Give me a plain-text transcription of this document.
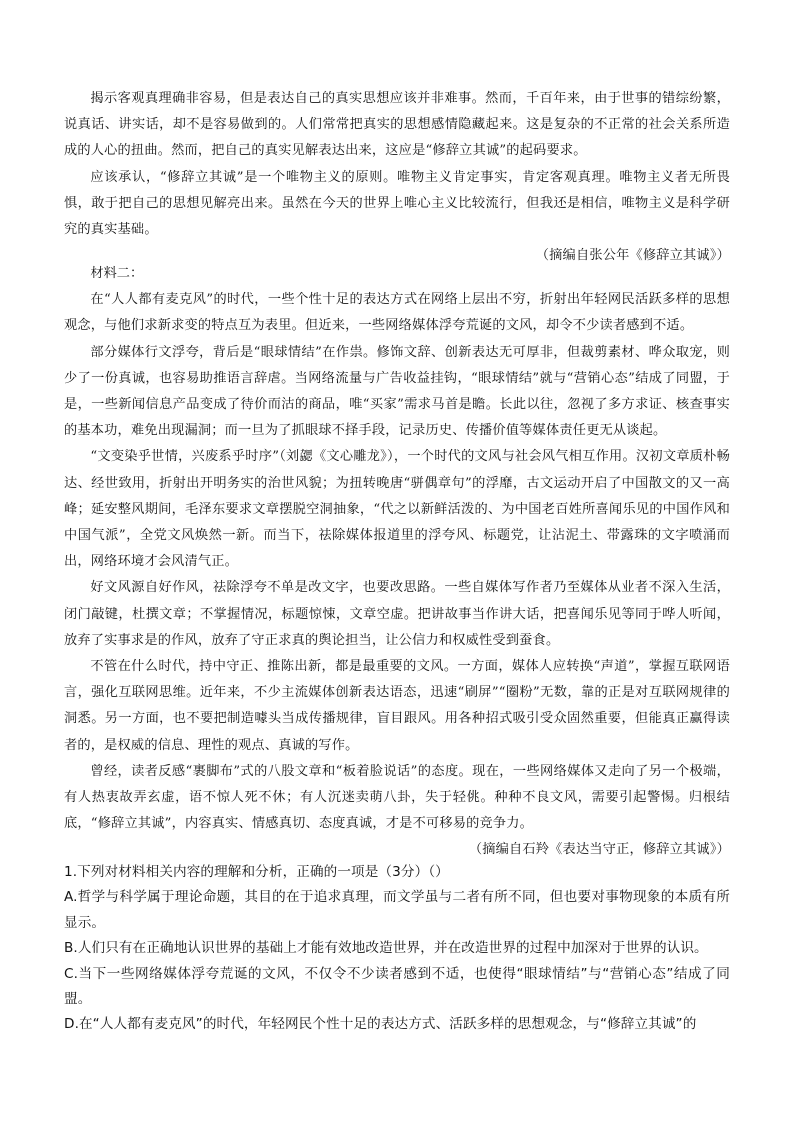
揭示客观真理确非容易，但是表达自己的真实思想应该并非难事。然而，千百年来，由于世事的错综纷繁，说真话、讲实话，却不是容易做到的。人们常常把真实的思想感情隐藏起来。这是复杂的不正常的社会关系所造成的人心的扭曲。然而，把自己的真实见解表达出来，这应是“修辞立其诚”的起码要求。

应该承认，“修辞立其诚”是一个唯物主义的原则。唯物主义肯定事实，肯定客观真理。唯物主义者无所畏惧，敢于把自己的思想见解亮出来。虽然在今天的世界上唯心主义比较流行，但我还是相信，唯物主义是科学研究的真实基础。

（摘编自张公年《修辞立其诚》）

材料二：

在“人人都有麦克风”的时代，一些个性十足的表达方式在网络上层出不穷，折射出年轻网民活跃多样的思想观念，与他们求新求变的特点互为表里。但近来，一些网络媒体浮夸荒诞的文风，却令不少读者感到不适。

部分媒体行文浮夸，背后是“眼球情结”在作祟。修饰文辞、创新表达无可厚非，但裁剪素材、哗众取宠，则少了一份真诚，也容易助推语言辞虐。当网络流量与广告收益挂钩，“眼球情结”就与“营销心态”结成了同盟，于是，一些新闻信息产品变成了待价而沽的商品，唯“买家”需求马首是瞻。长此以往，忽视了多方求证、核查事实的基本功，难免出现漏洞；而一旦为了抓眼球不择手段，记录历史、传播价值等媒体责任更无从谈起。

“文变染乎世情，兴废系乎时序”（刘勰《文心雕龙》），一个时代的文风与社会风气相互作用。汉初文章质朴畅达、经世致用，折射出开明务实的治世风貌；为扭转晚唐“骈偶章句”的浮靡，古文运动开启了中国散文的又一高峰；延安整风期间，毛泽东要求文章摆脱空洞抽象，“代之以新鲜活泼的、为中国老百姓所喜闻乐见的中国作风和中国气派”，全党文风焕然一新。而当下，祛除媒体报道里的浮夸风、标题党，让沾泥土、带露珠的文字喷涌而出，网络环境才会风清气正。

好文风源自好作风，祛除浮夸不单是改文字，也要改思路。一些自媒体写作者乃至媒体从业者不深入生活，闭门敲键，杜撰文章；不掌握情况，标题惊悚，文章空虚。把讲故事当作讲大话，把喜闻乐见等同于哗人听闻，放弃了实事求是的作风，放弃了守正求真的舆论担当，让公信力和权威性受到蚕食。

不管在什么时代，持中守正、推陈出新，都是最重要的文风。一方面，媒体人应转换“声道”，掌握互联网语言，强化互联网思维。近年来，不少主流媒体创新表达语态，迅速“刷屏”“圈粉”无数，靠的正是对互联网规律的洞悉。另一方面，也不要把制造噱头当成传播规律，盲目跟风。用各种招式吸引受众固然重要，但能真正赢得读者的，是权威的信息、理性的观点、真诚的写作。

曾经，读者反感“裹脚布”式的八股文章和“板着脸说话”的态度。现在，一些网络媒体又走向了另一个极端，有人热衷故弄玄虚，语不惊人死不休；有人沉迷卖萌八卦，失于轻佻。种种不良文风，需要引起警惕。归根结底，“修辞立其诚”，内容真实、情感真切、态度真诚，才是不可移易的竞争力。

（摘编自石羚《表达当守正，修辞立其诚》）

1.下列对材料相关内容的理解和分析，正确的一项是（3分）（）

A.哲学与科学属于理论命题，其目的在于追求真理，而文学虽与二者有所不同，但也要对事物现象的本质有所显示。

B.人们只有在正确地认识世界的基础上才能有效地改造世界，并在改造世界的过程中加深对于世界的认识。

C.当下一些网络媒体浮夸荒诞的文风，不仅令不少读者感到不适，也使得“眼球情结”与“营销心态”结成了同盟。

D.在“人人都有麦克风”的时代，年轻网民个性十足的表达方式、活跃多样的思想观念，与“修辞立其诚”的
